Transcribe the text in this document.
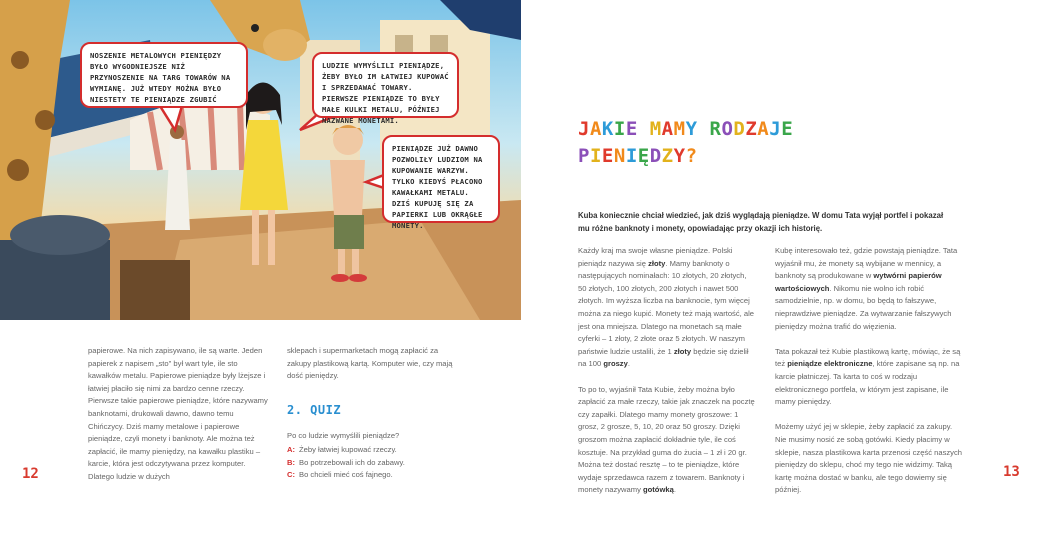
NOSZENIE METALOWYCH PIENIĘDZY BYŁO WYGODNIEJSZE NIŻ PRZYNOSZENIE NA TARG TOWARÓW NA WYMIANĘ. JUŻ WTEDY MOŻNA BYŁO NIESTETY TE PIENIĄDZE ZGUBIĆ
LUDZIE WYMYŚLILI PIENIĄDZE, ŻEBY BYŁO IM ŁATWIEJ KUPOWAĆ I SPRZEDAWAĆ TOWARY. PIERWSZE PIENIĄDZE TO BYŁY MAŁE KULKI METALU, PÓŹNIEJ NAZWANE MONETAMI.
PIENIĄDZE JUŻ DAWNO POZWOLIŁY LUDZIOM NA KUPOWANIE WARZYW. TYLKO KIEDYŚ PŁACONO KAWAŁKAMI METALU. DZIŚ KUPUJĘ SIĘ ZA PAPIERKI LUB OKRĄGŁE MONETY.
papierowe. Na nich zapisywano, ile są warte. Jeden papierek z napisem „sto" był wart tyle, ile sto kawałków metalu. Papierowe pieniądze były lżejsze i łatwiej płaciło się nimi za bardzo cenne rzeczy. Pierwsze takie papierowe pieniądze, które nazywamy banknotami, drukowali dawno, dawno temu Chińczycy. Dziś mamy metalowe i papierowe pieniądze, czyli monety i banknoty. Ale można też zapłacić, ile mamy pieniędzy, na kawałku plastiku – karcie, która jest odczytywana przez komputer. Dlatego ludzie w dużych
sklepach i supermarketach mogą zapłacić za zakupy plastikową kartą. Komputer wie, czy mają dość pieniędzy.
2. QUIZ
Po co ludzie wymyślili pieniądze?
A: Żeby łatwiej kupować rzeczy.
B: Bo potrzebowali ich do zabawy.
C: Bo chcieli mieć coś fajnego.
12
JAKIE MAMY RODZAJE
PIENIĘDZY?
Kuba koniecznie chciał wiedzieć, jak dziś wyglądają pieniądze. W domu Tata wyjął portfel i pokazał mu różne banknoty i monety, opowiadając przy okazji ich historię.

Każdy kraj ma swoje własne pieniądze. Polski pieniądz nazywa się złoty. Mamy banknoty o następujących nominałach: 10 złotych, 20 złotych, 50 złotych, 100 złotych, 200 złotych i nawet 500 złotych. Im wyższa liczba na banknocie, tym więcej można za niego kupić. Monety też mają wartość, ale jest ona mniejsza. Dlatego na monetach są małe cyferki – 1 złoty, 2 złote oraz 5 złotych. W naszym państwie ludzie ustalili, że 1 złoty będzie się dzielił na 100 groszy.

To po to, wyjaśnił Tata Kubie, żeby można było zapłacić za małe rzeczy, takie jak znaczek na pocztę czy zapałki. Dlatego mamy monety groszowe: 1 grosz, 2 grosze, 5, 10, 20 oraz 50 groszy. Dzięki groszom można zapłacić dokładnie tyle, ile coś kosztuje. Na przykład guma do żucia – 1 zł i 20 gr. Można też dostać resztę – to te pieniądze, które wydaje sprzedawca razem z towarem. Banknoty i monety nazywamy gotówką.

Kubę interesowało też, gdzie powstają pieniądze. Tata wyjaśnił mu, że monety są wybijane w mennicy, a banknoty są produkowane w wytwórni papierów wartościowych. Nikomu nie wolno ich robić samodzielnie, np. w domu, bo będą to fałszywe, nieprawdziwe pieniądze. Za wytwarzanie fałszywych pieniędzy można trafić do więzienia.

Tata pokazał też Kubie plastikową kartę, mówiąc, że są też pieniądze elektroniczne, które zapisane są np. na karcie płatniczej. Ta karta to coś w rodzaju elektronicznego portfela, w którym jest zapisane, ile mamy pieniędzy.

Możemy użyć jej w sklepie, żeby zapłacić za zakupy. Nie musimy nosić ze sobą gotówki. Kiedy płacimy w sklepie, nasza plastikowa karta przenosi część naszych pieniędzy do sklepu, choć my tego nie widzimy. Taką kartę można dostać w banku, ale tego dowiemy się później.

13
